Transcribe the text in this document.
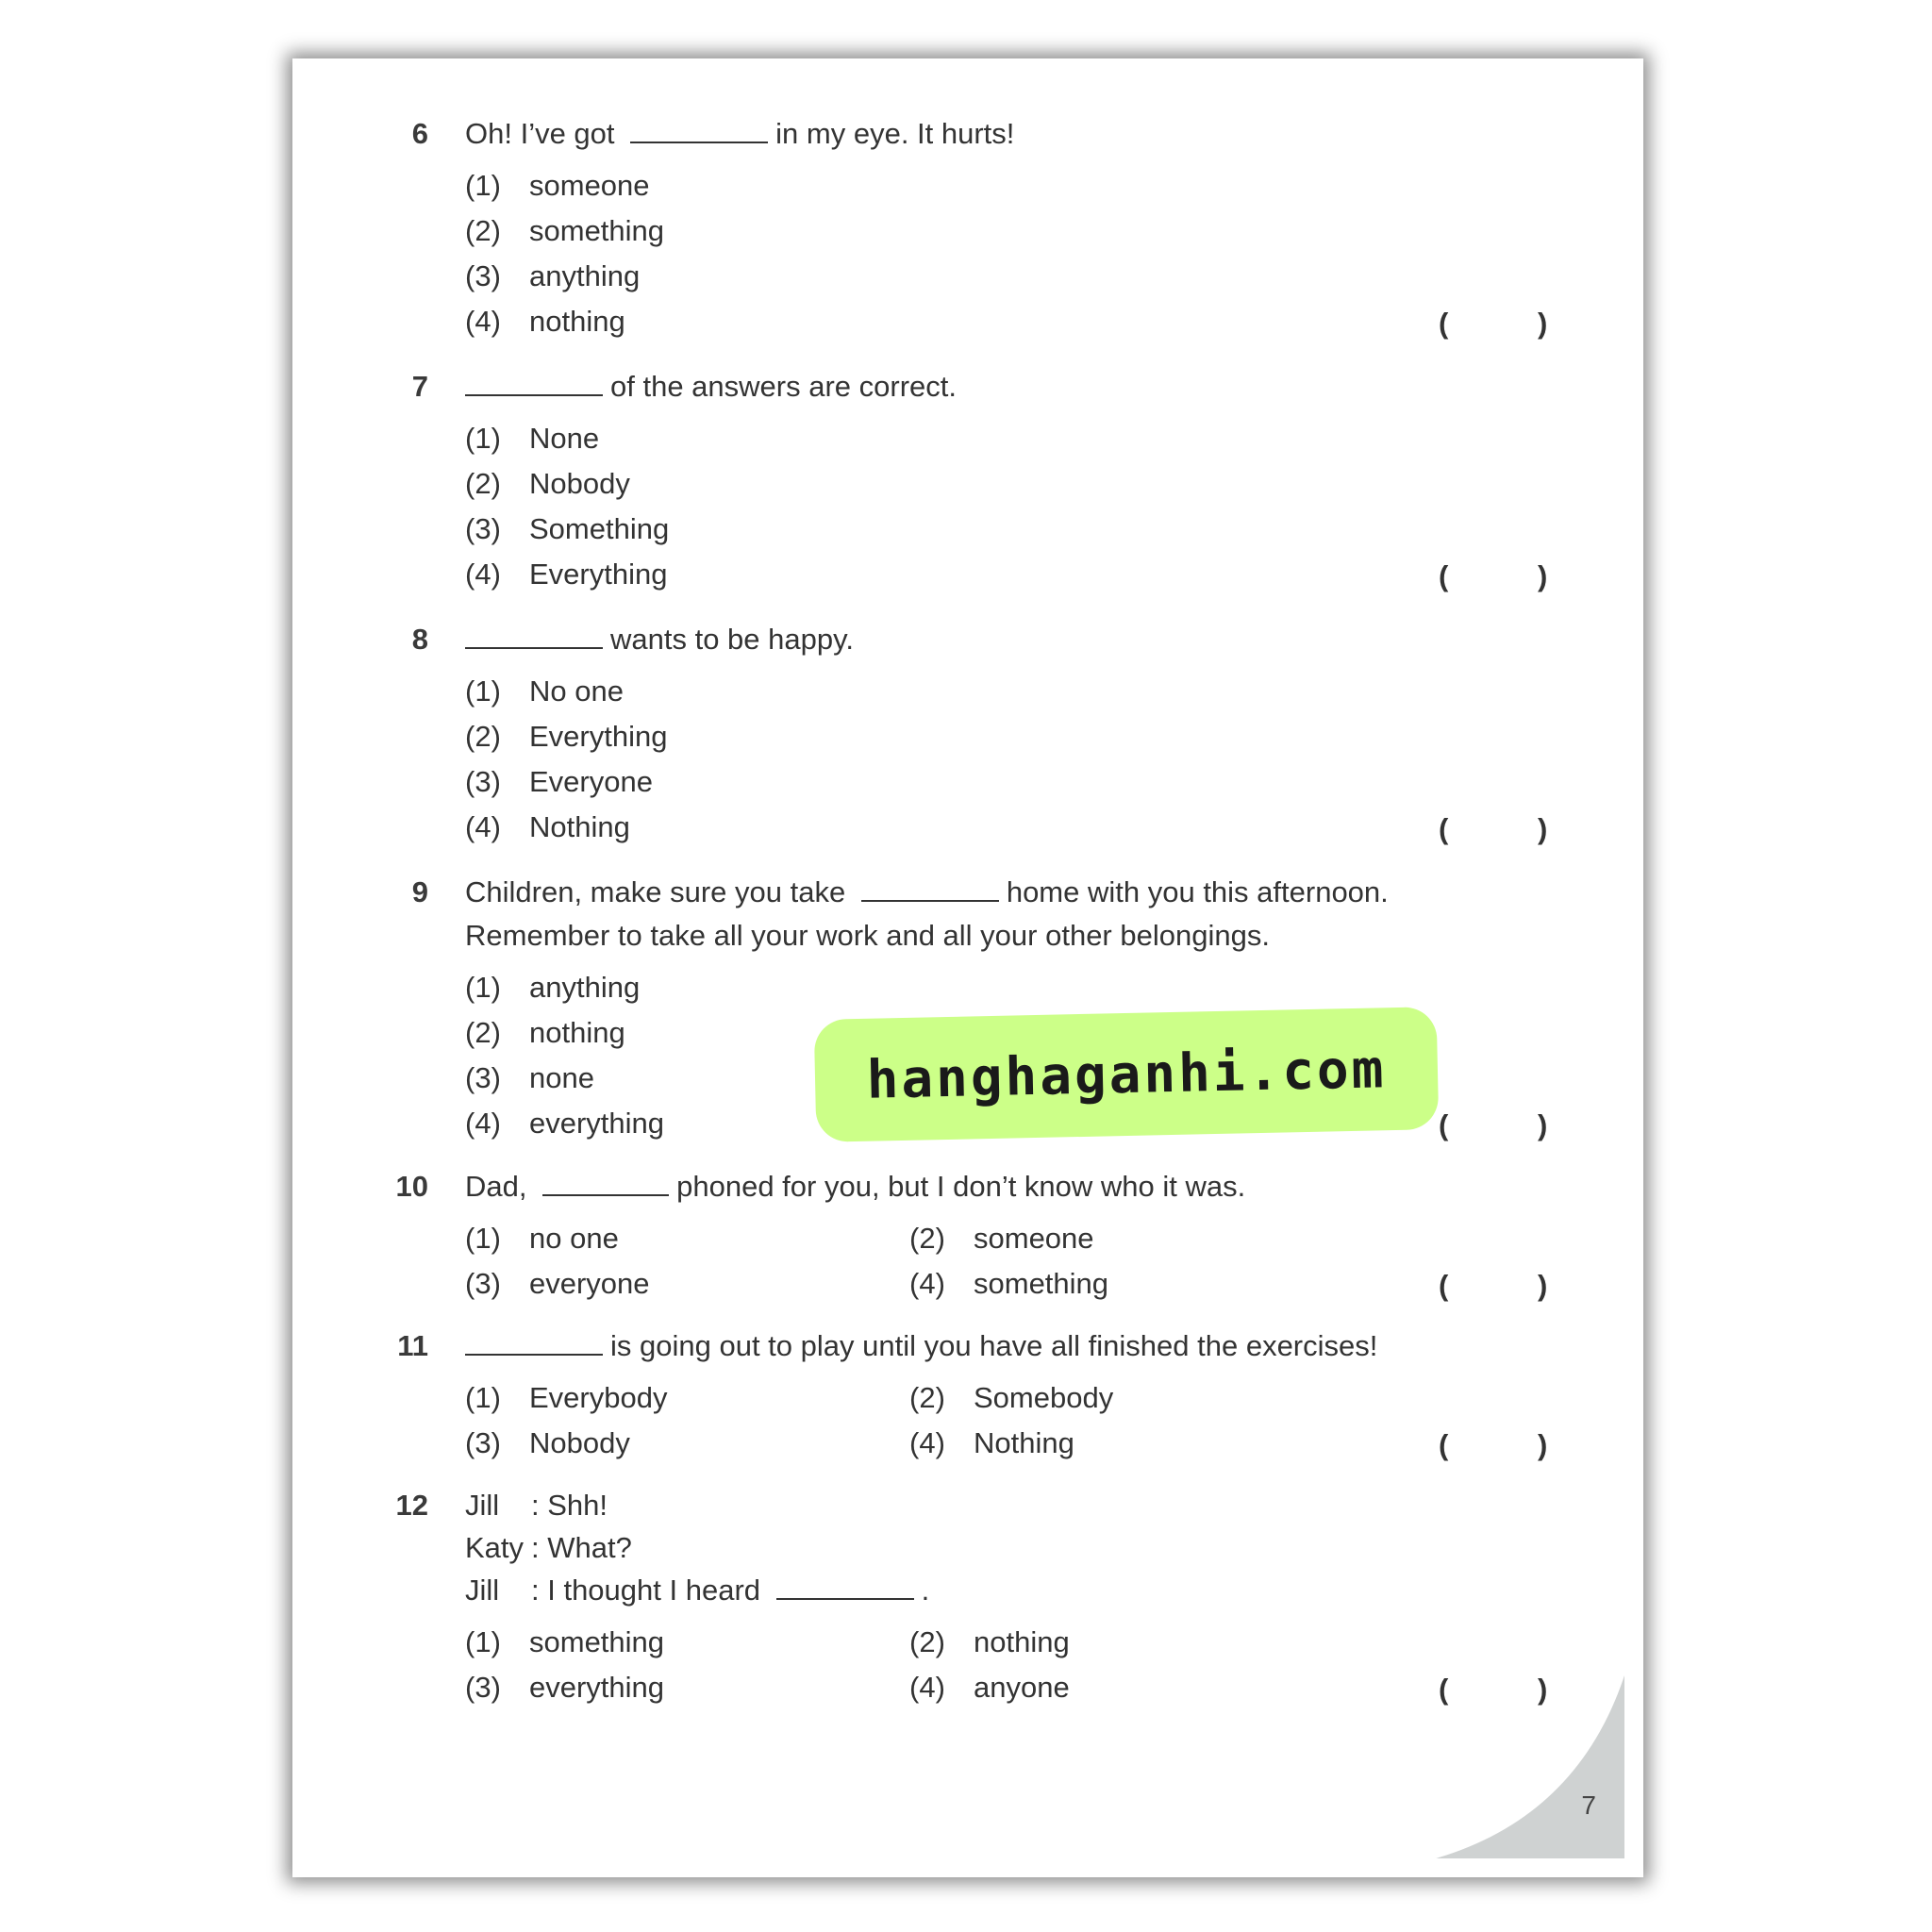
6 Oh! I’ve got	in my eye. It hurts!
(1) someone
(2) something
(3) anything
(4) nothing	(	)
7	of the answers are correct.
(1) None
(2) Nobody
(3) Something
(4) Everything	(	)
8	wants to be happy.
(1) No one
(2) Everything
(3) Everyone
(4) Nothing	(	)
9 Children, make sure you take	home with you this afternoon.
Remember to take all your work and all your other belongings.
(1) anything
(2) nothing
(3) none
(4) everything	(	)
10 Dad,	phoned for you, but I don’t know who it was.
(1) no one	(2) someone
(3) everyone	(4) something	(	)
11	is going out to play until you have all finished the exercises!
(1) Everybody	(2) Somebody
(3) Nobody	(4) Nothing	(	)
12 Jill : Shh!
Katy : What?
Jill : I thought I heard	.
(1) something	(2) nothing
(3) everything	(4) anyone	(	)
hanghaganhi.com
7
